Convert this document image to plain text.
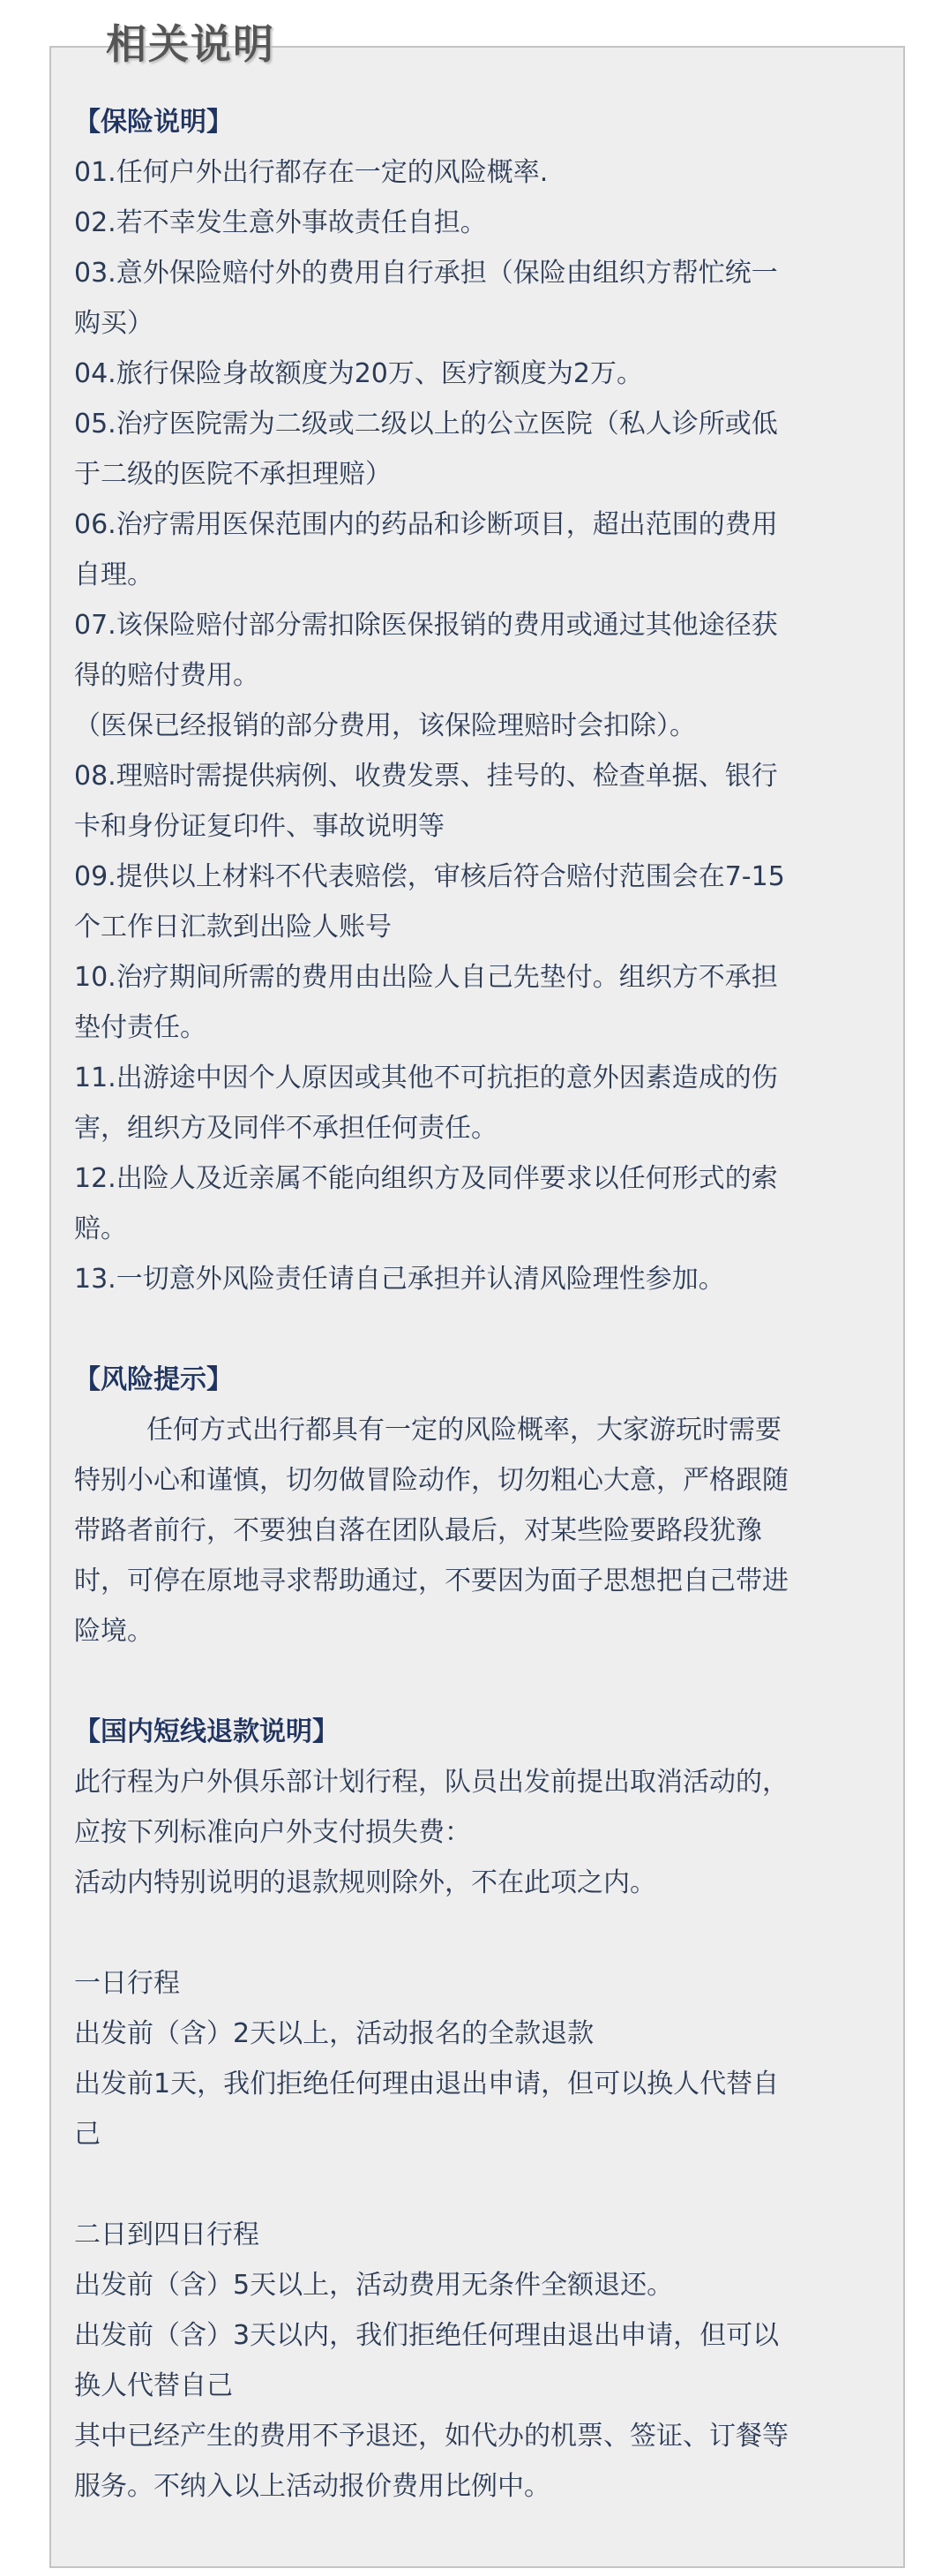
相关说明
【保险说明】
01.任何户外出行都存在一定的风险概率.
02.若不幸发生意外事故责任自担。
03.意外保险赔付外的费用自行承担（保险由组织方帮忙统一
购买）
04.旅行保险身故额度为20万、医疗额度为2万。
05.治疗医院需为二级或二级以上的公立医院（私人诊所或低
于二级的医院不承担理赔）
06.治疗需用医保范围内的药品和诊断项目，超出范围的费用
自理。
07.该保险赔付部分需扣除医保报销的费用或通过其他途径获
得的赔付费用。
（医保已经报销的部分费用，该保险理赔时会扣除）。
08.理赔时需提供病例、收费发票、挂号的、检查单据、银行
卡和身份证复印件、事故说明等
09.提供以上材料不代表赔偿，审核后符合赔付范围会在7-15
个工作日汇款到出险人账号
10.治疗期间所需的费用由出险人自己先垫付。组织方不承担
垫付责任。
11.出游途中因个人原因或其他不可抗拒的意外因素造成的伤
害，组织方及同伴不承担任何责任。
12.出险人及近亲属不能向组织方及同伴要求以任何形式的索
赔。
13.一切意外风险责任请自己承担并认清风险理性参加。
【风险提示】
任何方式出行都具有一定的风险概率，大家游玩时需要
特别小心和谨慎，切勿做冒险动作，切勿粗心大意，严格跟随
带路者前行，不要独自落在团队最后，对某些险要路段犹豫
时，可停在原地寻求帮助通过，不要因为面子思想把自己带进
险境。
【国内短线退款说明】
此行程为户外俱乐部计划行程，队员出发前提出取消活动的，
应按下列标准向户外支付损失费：
活动内特别说明的退款规则除外，不在此项之内。
一日行程
出发前（含）2天以上，活动报名的全款退款
出发前1天，我们拒绝任何理由退出申请，但可以换人代替自
己
二日到四日行程
出发前（含）5天以上，活动费用无条件全额退还。
出发前（含）3天以内，我们拒绝任何理由退出申请，但可以
换人代替自己
其中已经产生的费用不予退还，如代办的机票、签证、订餐等
服务。不纳入以上活动报价费用比例中。
